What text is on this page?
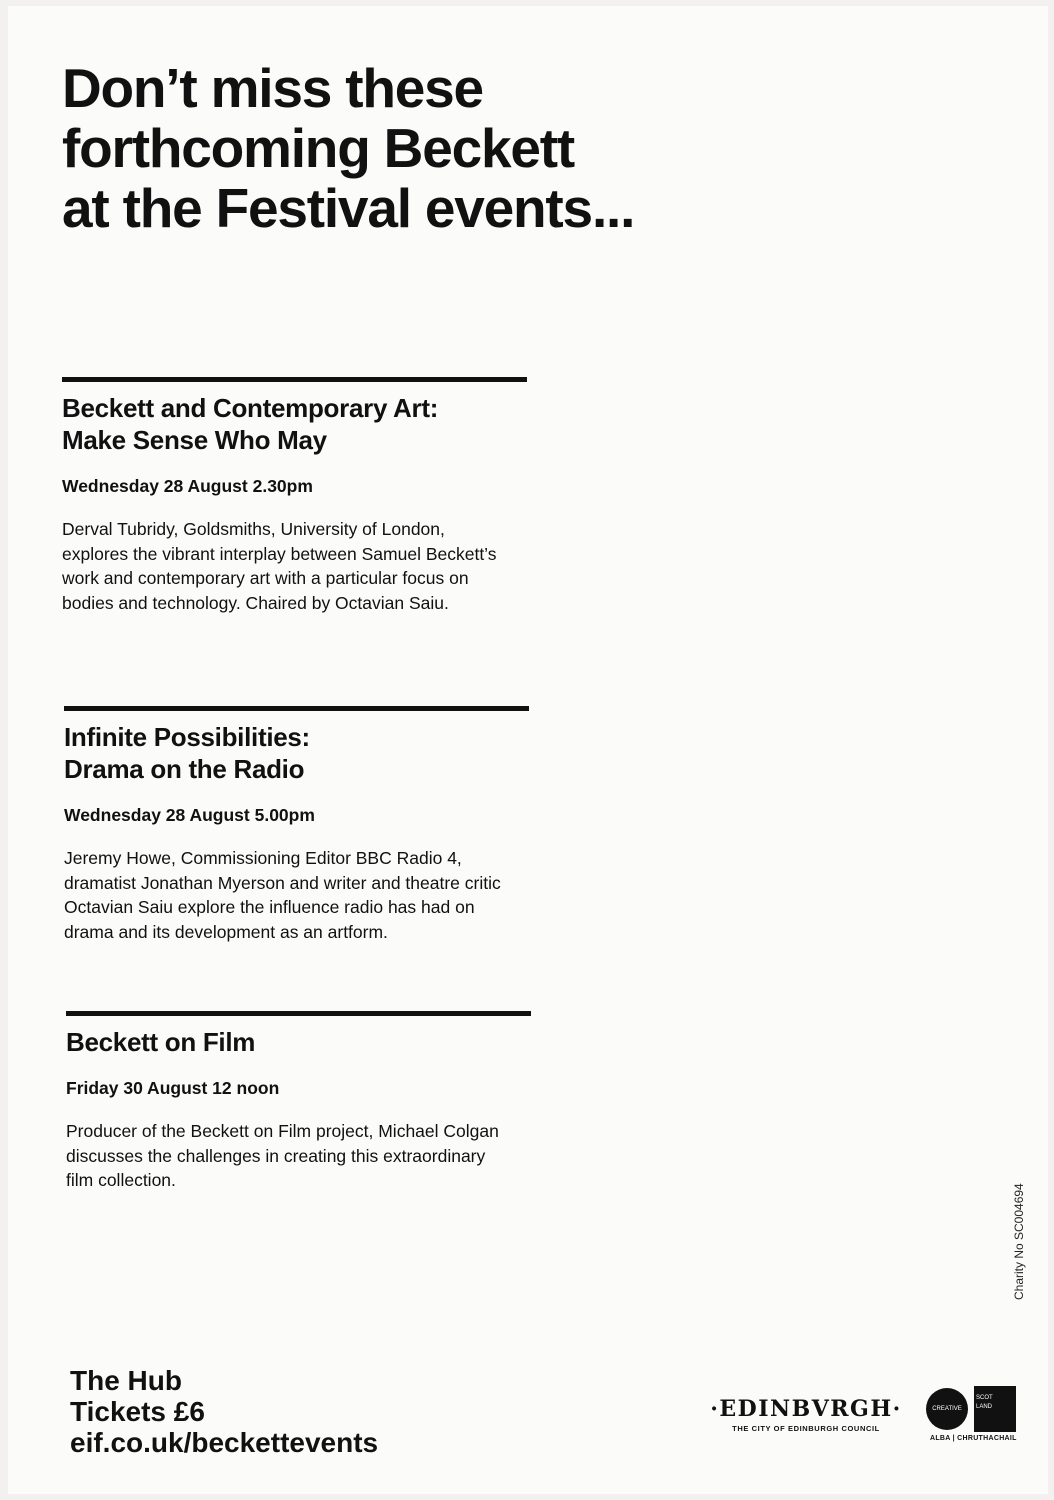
Don’t miss these
forthcoming Beckett
at the Festival events...
Beckett and Contemporary Art:
Make Sense Who May

Wednesday 28 August 2.30pm

Derval Tubridy, Goldsmiths, University of London, explores the vibrant interplay between Samuel Beckett’s work and contemporary art with a particular focus on bodies and technology. Chaired by Octavian Saiu.

Infinite Possibilities:
Drama on the Radio

Wednesday 28 August 5.00pm

Jeremy Howe, Commissioning Editor BBC Radio 4, dramatist Jonathan Myerson and writer and theatre critic Octavian Saiu explore the influence radio has had on drama and its development as an artform.

Beckett on Film

Friday 30 August 12 noon

Producer of the Beckett on Film project, Michael Colgan discusses the challenges in creating this extraordinary film collection.

The Hub
Tickets £6
eif.co.uk/beckettevents
Charity No SC004694
·EDINBVRGH·
THE CITY OF EDINBURGH COUNCIL
CREATIVE
SCOT
LAND
ALBA | CHRUTHACHAIL
